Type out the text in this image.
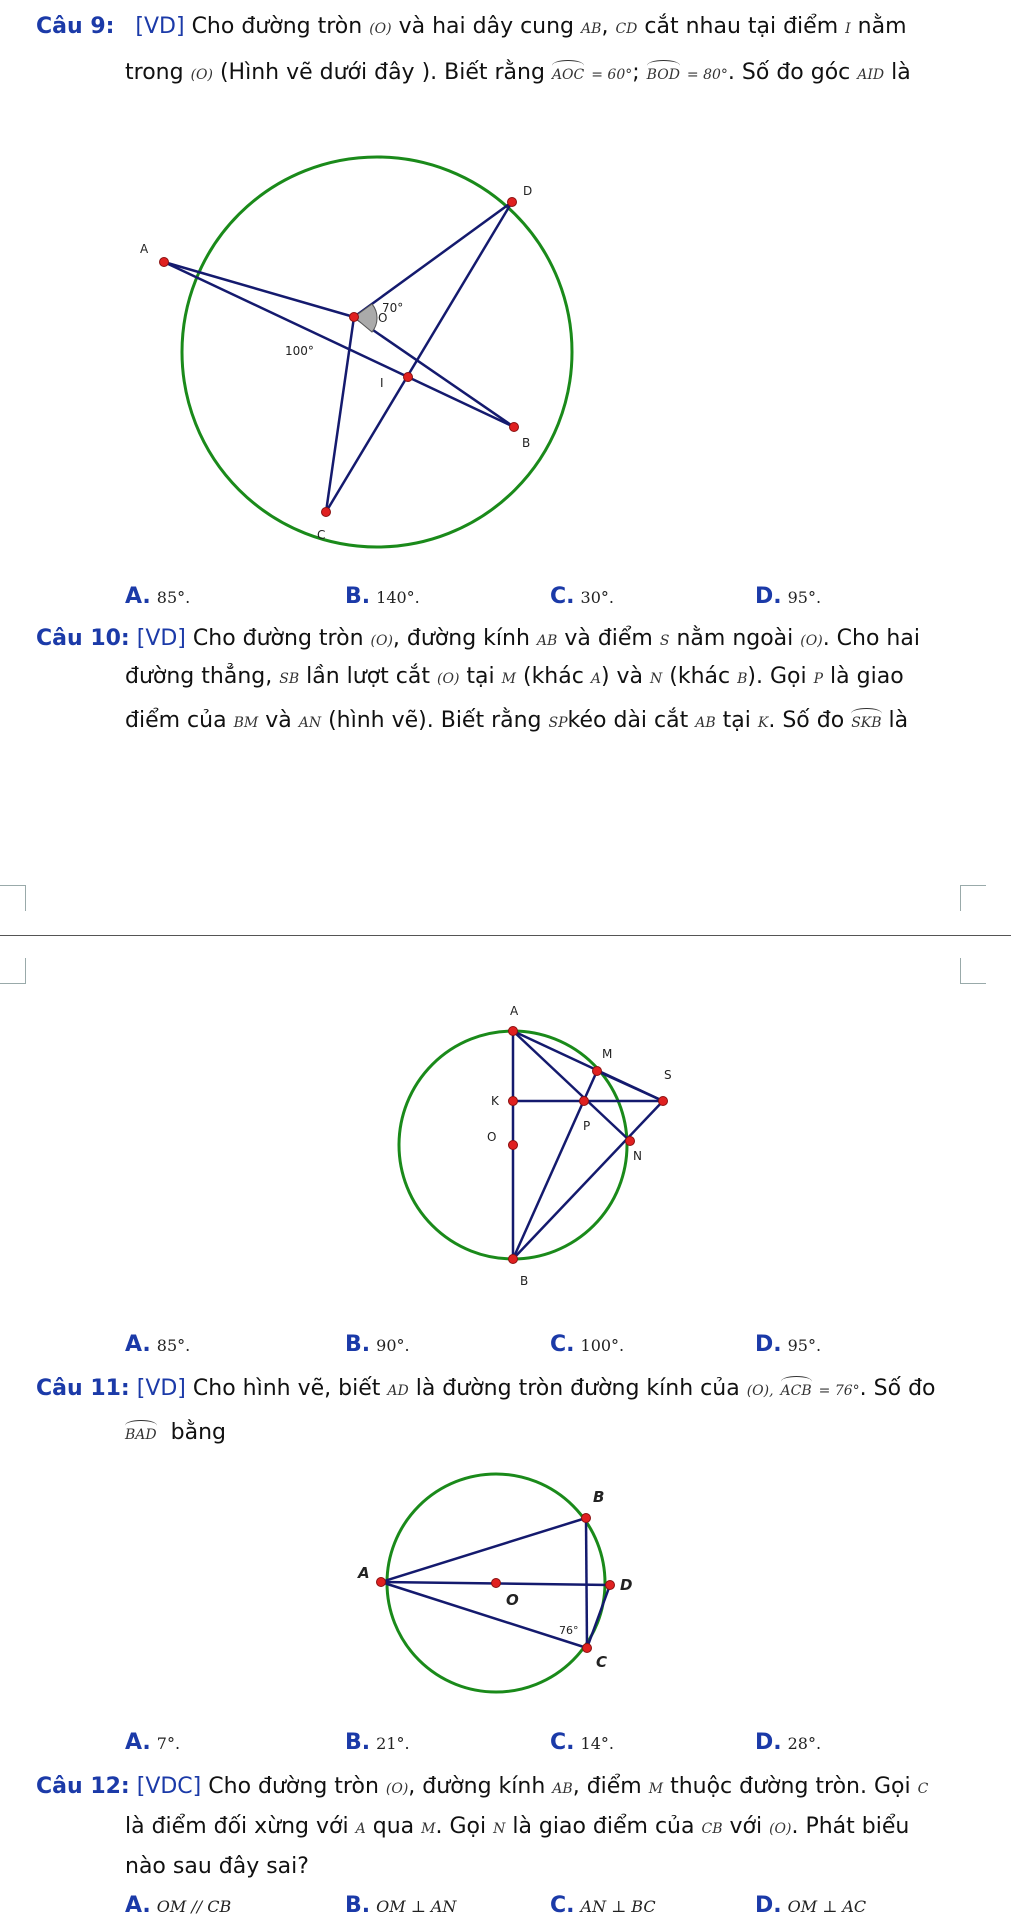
Câu 9: [VD] Cho đường tròn (O) và hai dây cung AB, CD cắt nhau tại điểm I nằm
trong (O) (Hình vẽ dưới đây ). Biết rằng AOC = 60°; BOD = 80°. Số đo góc AID là
A
D
O
70°
100°
I
B
C
A. 85°.	B. 140°.	C. 30°.	D. 95°.
Câu 10: [VD] Cho đường tròn (O), đường kính AB và điểm S nằm ngoài (O). Cho hai
đường thẳng, SB lần lượt cắt (O) tại M (khác A) và N (khác B). Gọi P là giao
điểm của BM và AN (hình vẽ). Biết rằng SPkéo dài cắt AB tại K. Số đo SKB là
A
M
S
K
O
P
N
B
A. 85°.	B. 90°.	C. 100°.	D. 95°.
Câu 11: [VD] Cho hình vẽ, biết AD là đường tròn đường kính của (O), ACB = 76°. Số đo
BAD bằng
A
B
D
C
O
76°
A. 7°.	B. 21°.	C. 14°.	D. 28°.
Câu 12: [VDC] Cho đường tròn (O), đường kính AB, điểm M thuộc đường tròn. Gọi C
là điểm đối xừng với A qua M. Gọi N là giao điểm của CB với (O). Phát biểu
nào sau đây sai?
A. OM // CB	B. OM ⊥ AN	C. AN ⊥ BC	D. OM ⊥ AC
